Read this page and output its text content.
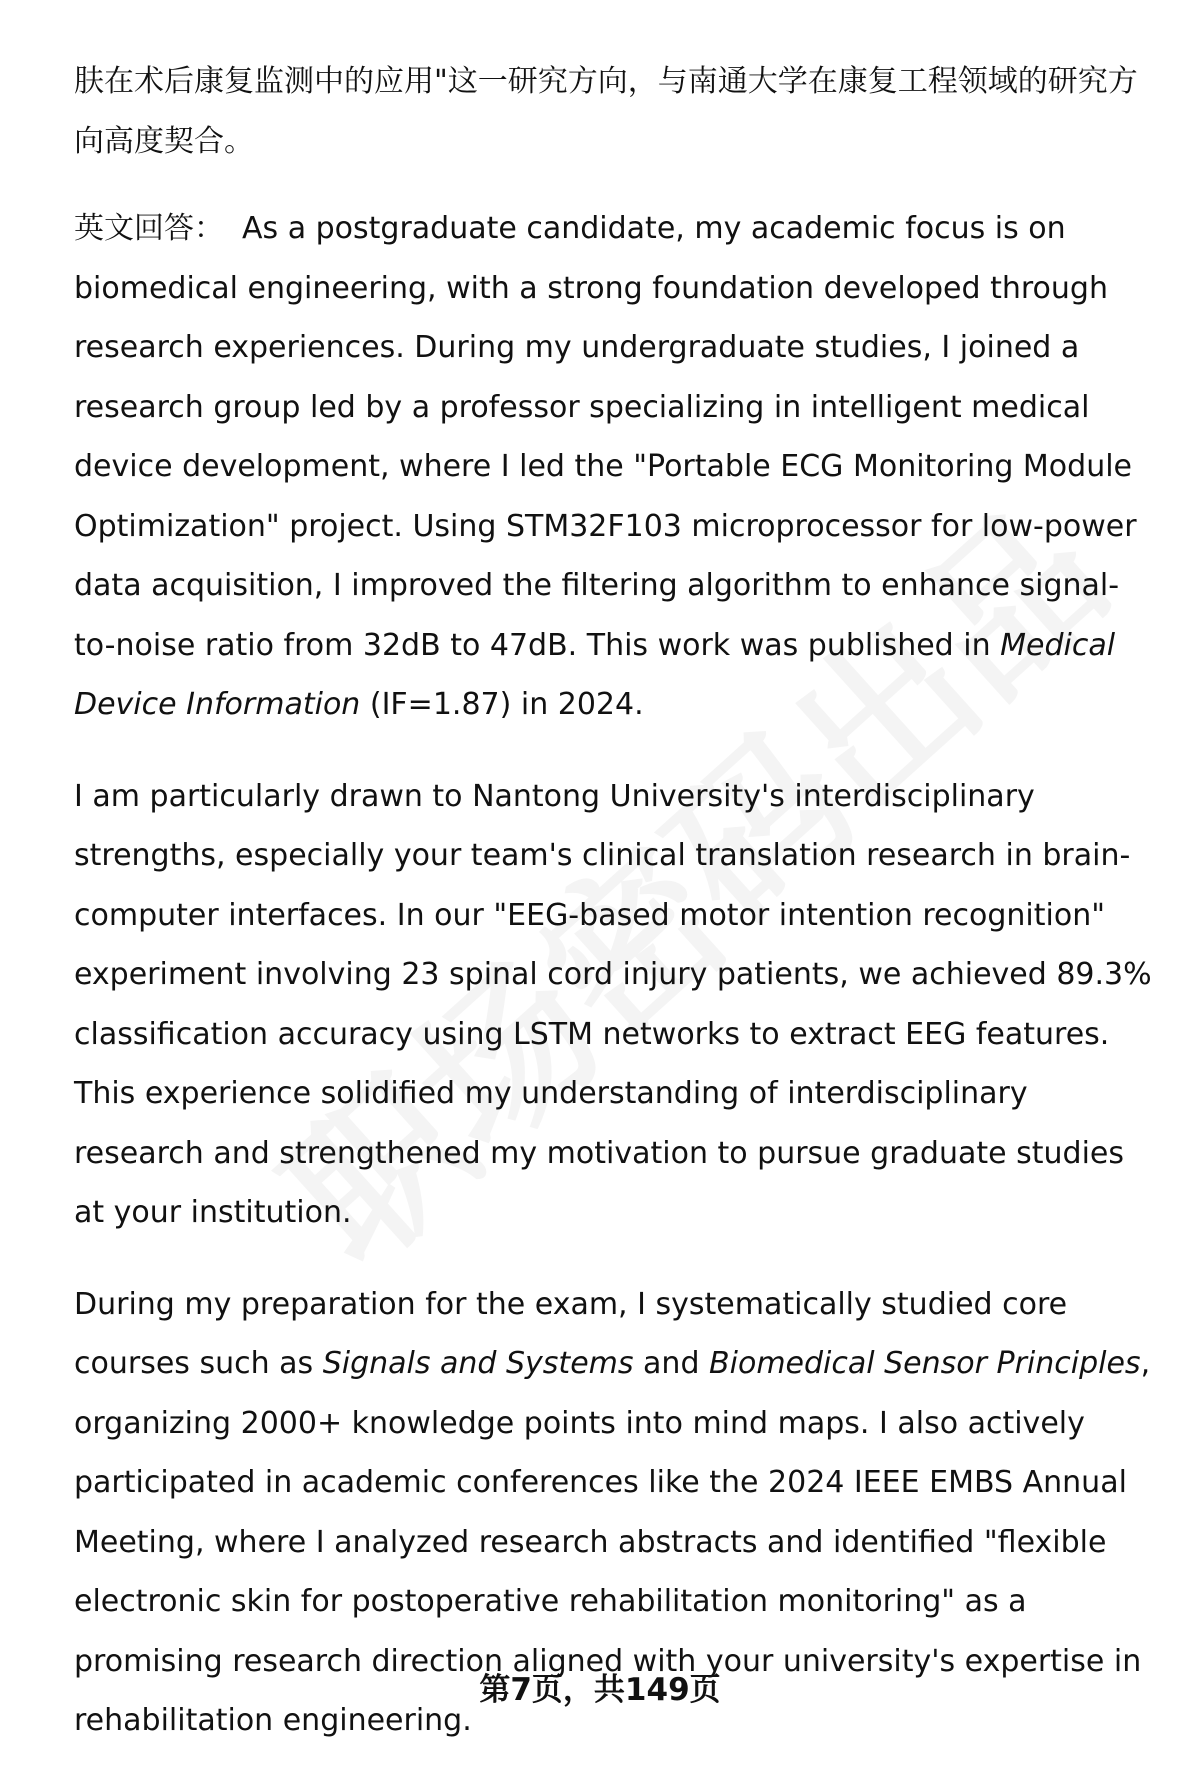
肤在术后康复监测中的应用"这一研究方向，与南通大学在康复工程领域的研究方向高度契合。

英文回答： As a postgraduate candidate, my academic focus is on biomedical engineering, with a strong foundation developed through research experiences. During my undergraduate studies, I joined a research group led by a professor specializing in intelligent medical device development, where I led the "Portable ECG Monitoring Module Optimization" project. Using STM32F103 microprocessor for low-power data acquisition, I improved the filtering algorithm to enhance signal-to-noise ratio from 32dB to 47dB. This work was published in Medical Device Information (IF=1.87) in 2024.

I am particularly drawn to Nantong University's interdisciplinary strengths, especially your team's clinical translation research in brain-computer interfaces. In our "EEG-based motor intention recognition" experiment involving 23 spinal cord injury patients, we achieved 89.3% classification accuracy using LSTM networks to extract EEG features. This experience solidified my understanding of interdisciplinary research and strengthened my motivation to pursue graduate studies at your institution.

During my preparation for the exam, I systematically studied core courses such as Signals and Systems and Biomedical Sensor Principles, organizing 2000+ knowledge points into mind maps. I also actively participated in academic conferences like the 2024 IEEE EMBS Annual Meeting, where I analyzed research abstracts and identified "flexible electronic skin for postoperative rehabilitation monitoring" as a promising research direction aligned with your university's expertise in rehabilitation engineering.

第7页，共149页
